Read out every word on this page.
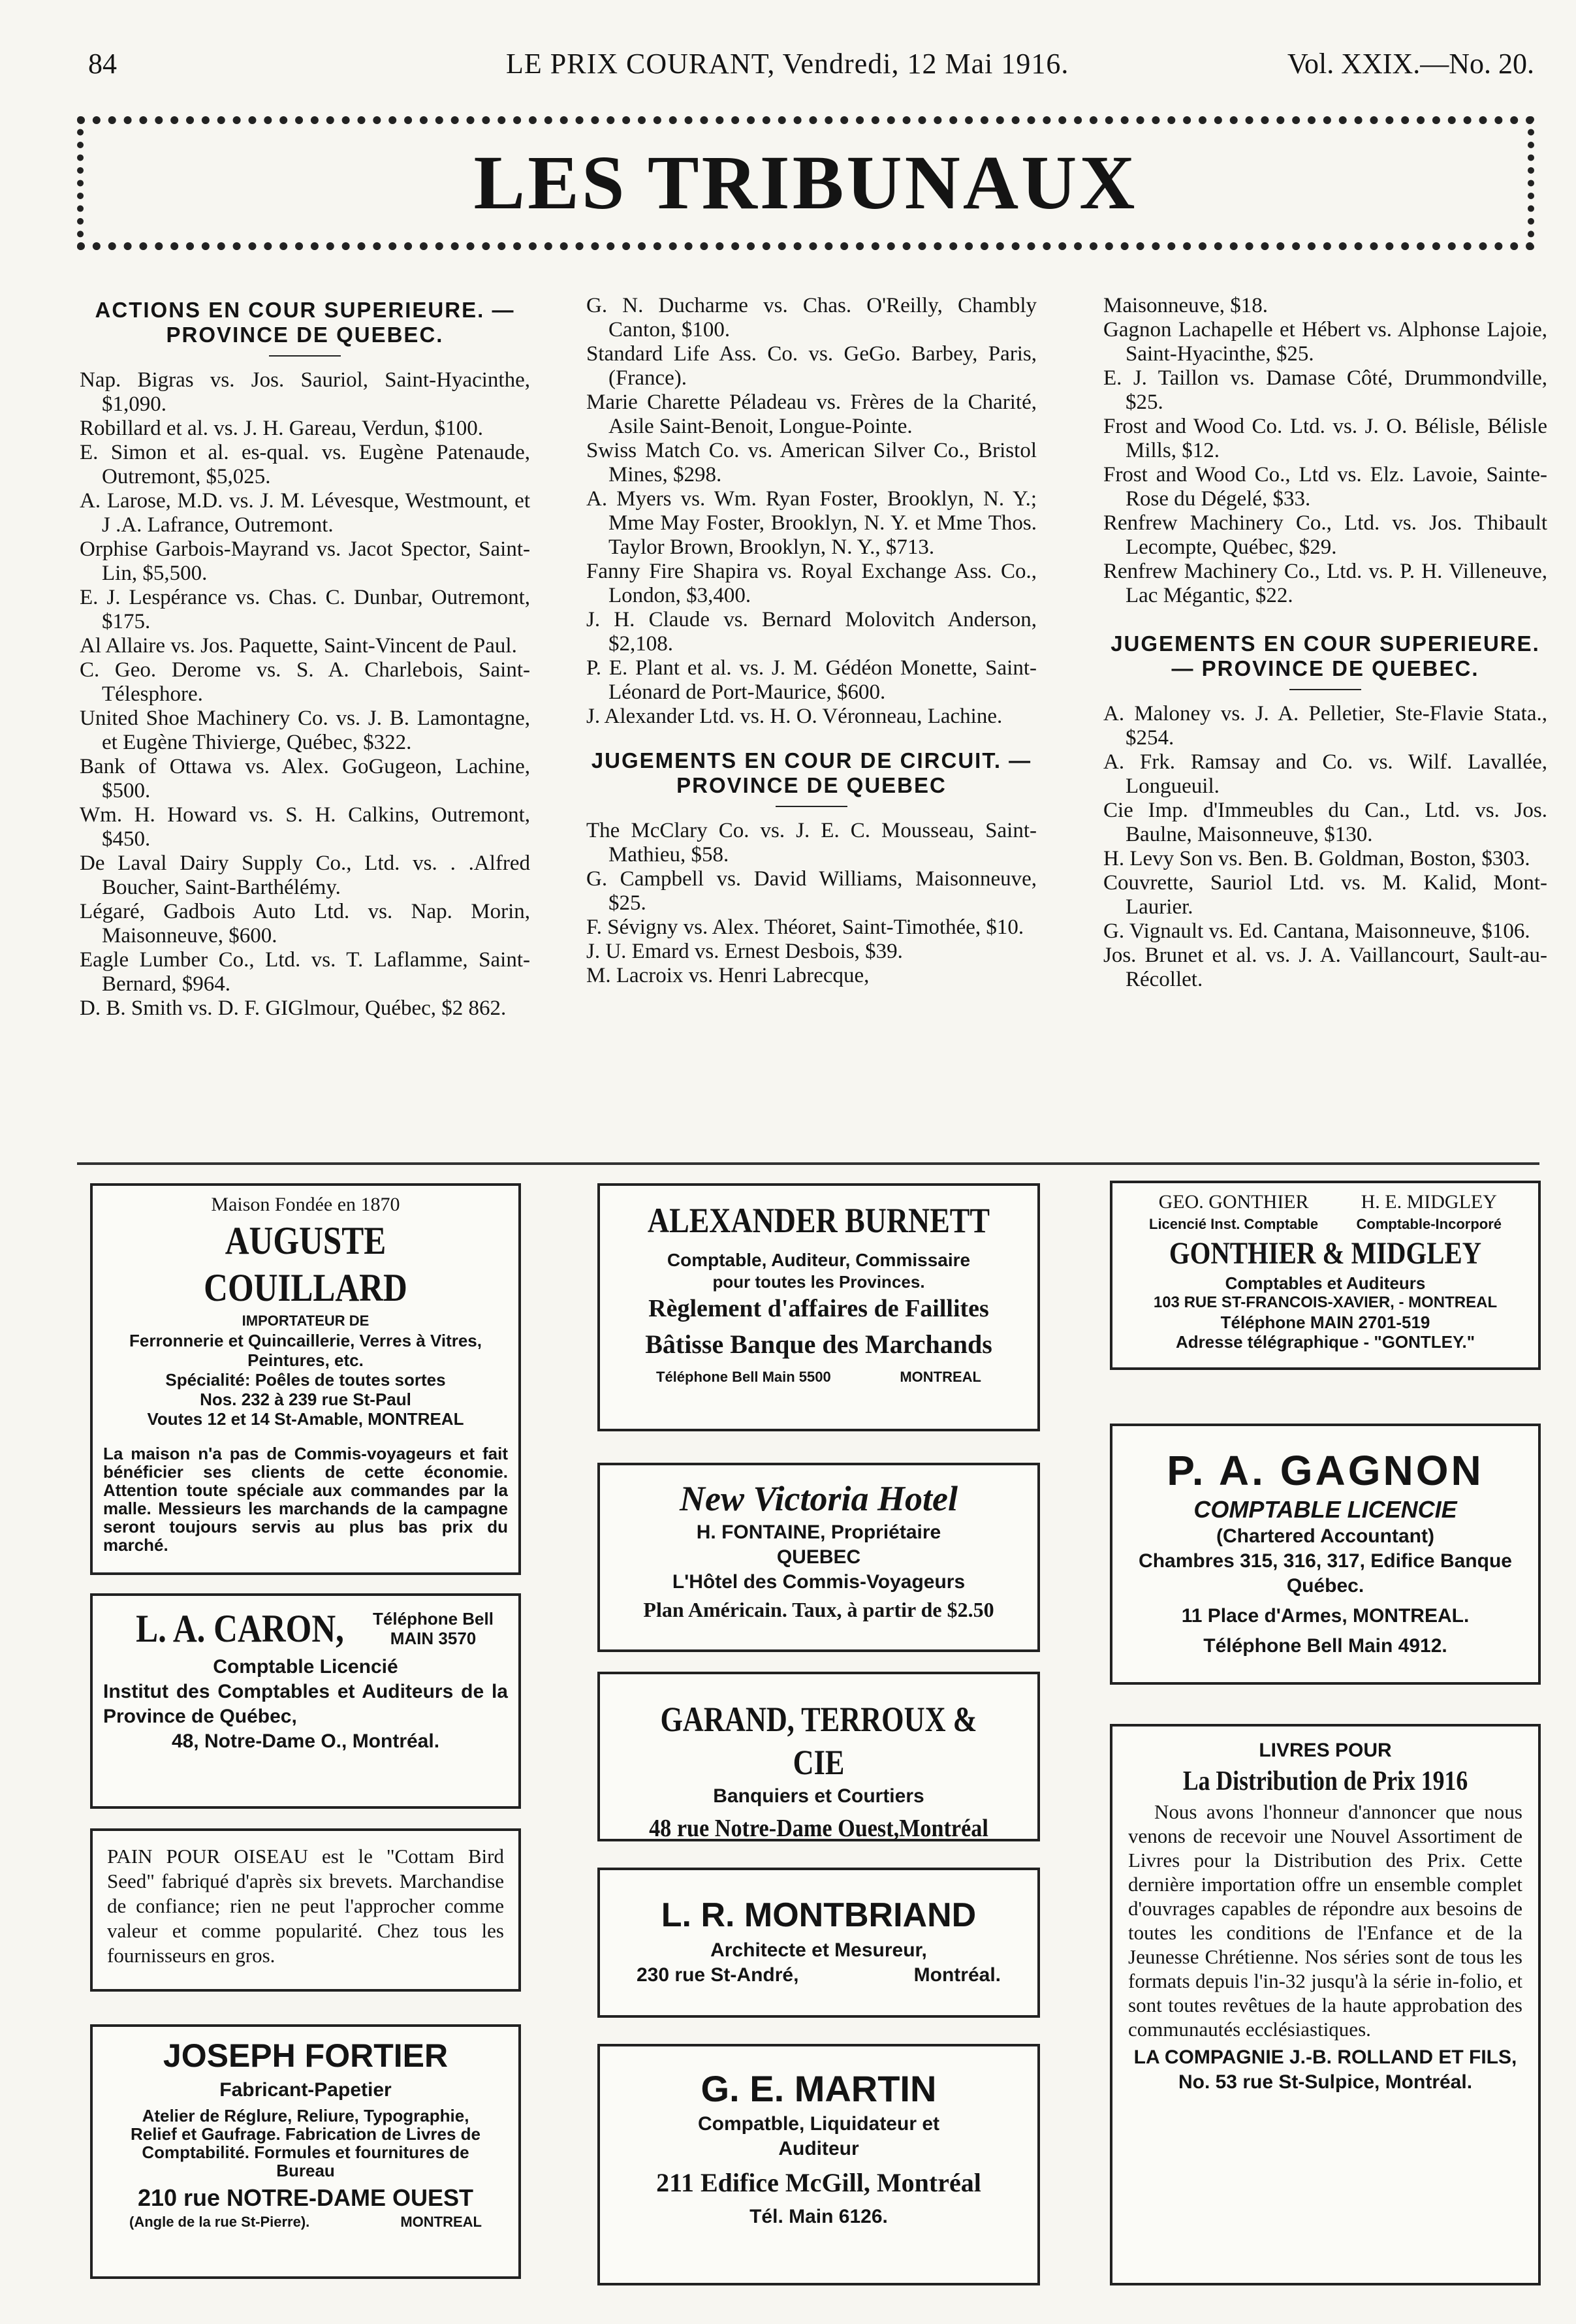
84	LE PRIX COURANT, Vendredi, 12 Mai 1916.	Vol. XXIX.—No. 20.
LES TRIBUNAUX
ACTIONS EN COUR SUPERIEURE. —PROVINCE DE QUEBEC.
Nap. Bigras vs. Jos. Sauriol, Saint-Hyacinthe, $1,090.
Robillard et al. vs. J. H. Gareau, Verdun, $100.
E. Simon et al. es-qual. vs. Eugène Patenaude, Outremont, $5,025.
A. Larose, M.D. vs. J. M. Lévesque, Westmount, et J .A. Lafrance, Outremont.
Orphise Garbois-Mayrand vs. Jacot Spector, Saint-Lin, $5,500.
E. J. Lespérance vs. Chas. C. Dunbar, Outremont, $175.
Al Allaire vs. Jos. Paquette, Saint-Vincent de Paul.
C. Geo. Derome vs. S. A. Charlebois, Saint-Télesphore.
United Shoe Machinery Co. vs. J. B. Lamontagne, et Eugène Thivierge, Québec, $322.
Bank of Ottawa vs. Alex. GoGugeon, Lachine, $500.
Wm. H. Howard vs. S. H. Calkins, Outremont, $450.
De Laval Dairy Supply Co., Ltd. vs. . .Alfred Boucher, Saint-Barthélémy.
Légaré, Gadbois Auto Ltd. vs. Nap. Morin, Maisonneuve, $600.
Eagle Lumber Co., Ltd. vs. T. Laflamme, Saint-Bernard, $964.
D. B. Smith vs. D. F. GIGlmour, Québec, $2 862.
G. N. Ducharme vs. Chas. O'Reilly, Chambly Canton, $100.
Standard Life Ass. Co. vs. GeGo. Barbey, Paris, (France).
Marie Charette Péladeau vs. Frères de la Charité, Asile Saint-Benoit, Longue-Pointe.
Swiss Match Co. vs. American Silver Co., Bristol Mines, $298.
A. Myers vs. Wm. Ryan Foster, Brooklyn, N. Y.; Mme May Foster, Brooklyn, N. Y. et Mme Thos. Taylor Brown, Brooklyn, N. Y., $713.
Fanny Fire Shapira vs. Royal Exchange Ass. Co., London, $3,400.
J. H. Claude vs. Bernard Molovitch Anderson, $2,108.
P. E. Plant et al. vs. J. M. Gédéon Monette, Saint-Léonard de Port-Maurice, $600.
J. Alexander Ltd. vs. H. O. Véronneau, Lachine.
JUGEMENTS EN COUR DE CIRCUIT. — PROVINCE DE QUEBEC
The McClary Co. vs. J. E. C. Mousseau, Saint-Mathieu, $58.
G. Campbell vs. David Williams, Maisonneuve, $25.
F. Sévigny vs. Alex. Théoret, Saint-Timothée, $10.
J. U. Emard vs. Ernest Desbois, $39.
M. Lacroix vs. Henri Labrecque,
Maisonneuve, $18.
Gagnon Lachapelle et Hébert vs. Alphonse Lajoie, Saint-Hyacinthe, $25.
E. J. Taillon vs. Damase Côté, Drummondville, $25.
Frost and Wood Co. Ltd. vs. J. O. Bélisle, Bélisle Mills, $12.
Frost and Wood Co., Ltd vs. Elz. Lavoie, Sainte-Rose du Dégelé, $33.
Renfrew Machinery Co., Ltd. vs. Jos. Thibault Lecompte, Québec, $29.
Renfrew Machinery Co., Ltd. vs. P. H. Villeneuve, Lac Mégantic, $22.
JUGEMENTS EN COUR SUPERIEURE. — PROVINCE DE QUEBEC.
A. Maloney vs. J. A. Pelletier, Ste-Flavie Stata., $254.
A. Frk. Ramsay and Co. vs. Wilf. Lavallée, Longueuil.
Cie Imp. d'Immeubles du Can., Ltd. vs. Jos. Baulne, Maisonneuve, $130.
H. Levy Son vs. Ben. B. Goldman, Boston, $303.
Couvrette, Sauriol Ltd. vs. M. Kalid, Mont-Laurier.
G. Vignault vs. Ed. Cantana, Maisonneuve, $106.
Jos. Brunet et al. vs. J. A. Vaillancourt, Sault-au-Récollet.

Maison Fondée en 1870

AUGUSTE COUILLARD

IMPORTATEUR DE

Ferronnerie et Quincaillerie, Verres à Vitres, Peintures, etc.

Spécialité: Poêles de toutes sortes

Nos. 232 à 239 rue St-Paul

Voutes 12 et 14 St-Amable, MONTREAL

La maison n'a pas de Commis-voyageurs et fait bénéficier ses clients de cette économie. Attention toute spéciale aux commandes par la malle. Messieurs les marchands de la campagne seront toujours servis au plus bas prix du marché.

L. A. CARON, Téléphone Bell
MAIN 3570

Comptable Licencié

Institut des Comptables et Auditeurs de la Province de Québec,

48, Notre-Dame O., Montréal.

PAIN POUR OISEAU est le "Cottam Bird Seed" fabriqué d'après six brevets. Marchandise de confiance; rien ne peut l'approcher comme valeur et comme popularité. Chez tous les fournisseurs en gros.

JOSEPH FORTIER

Fabricant-Papetier

Atelier de Réglure, Reliure, Typographie, Relief et Gaufrage. Fabrication de Livres de Comptabilité. Formules et fournitures de Bureau

210 rue NOTRE-DAME OUEST

(Angle de la rue St-Pierre).	MONTREAL

ALEXANDER BURNETT

Comptable, Auditeur, Commissaire

pour toutes les Provinces.

Règlement d'affaires de Faillites

Bâtisse Banque des Marchands

Téléphone Bell Main 5500	MONTREAL

New Victoria Hotel

H. FONTAINE, Propriétaire

QUEBEC

L'Hôtel des Commis-Voyageurs

Plan Américain. Taux, à partir de $2.50

GARAND, TERROUX & CIE

Banquiers et Courtiers

48 rue Notre-Dame Ouest,Montréal

L. R. MONTBRIAND

Architecte et Mesureur,

230 rue St-André,	Montréal.

G. E. MARTIN

Compatble, Liquidateur et

Auditeur

211 Edifice McGill, Montréal

Tél. Main 6126.

GEO. GONTHIER
Licencié Inst. Comptable
H. E. MIDGLEY
Comptable-Incorporé

GONTHIER & MIDGLEY

Comptables et Auditeurs

103 RUE ST-FRANCOIS-XAVIER, - MONTREAL

Téléphone MAIN 2701-519

Adresse télégraphique - "GONTLEY."

P. A. GAGNON

COMPTABLE LICENCIE

(Chartered Accountant)

Chambres 315, 316, 317, Edifice Banque Québec.

11 Place d'Armes, MONTREAL.

Téléphone Bell Main 4912.

LIVRES POUR

La Distribution de Prix 1916

Nous avons l'honneur d'annoncer que nous venons de recevoir une Nouvel Assortiment de Livres pour la Distribution des Prix. Cette dernière importation offre un ensemble complet d'ouvrages capables de répondre aux besoins de toutes les conditions de l'Enfance et de la Jeunesse Chrétienne. Nos séries sont de tous les formats depuis l'in-32 jusqu'à la série in-folio, et sont toutes revêtues de la haute approbation des communautés ecclésiastiques.

LA COMPAGNIE J.-B. ROLLAND ET FILS,

No. 53 rue St-Sulpice, Montréal.
